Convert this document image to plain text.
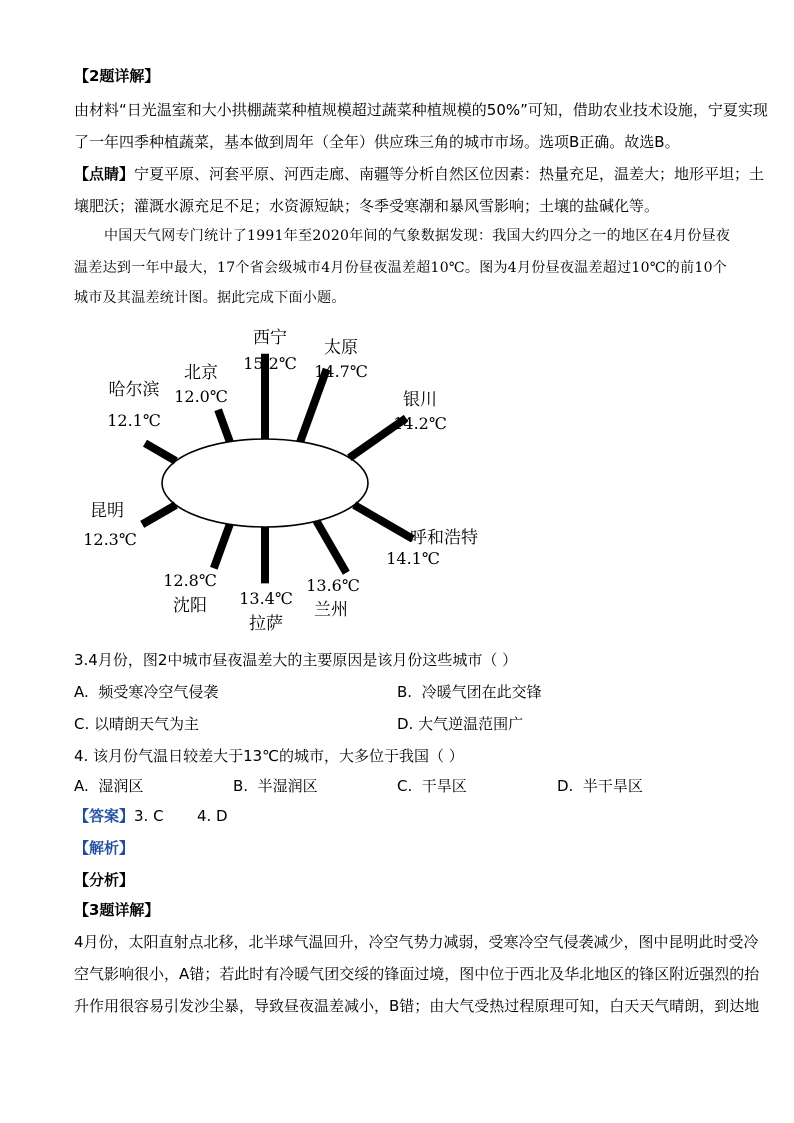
【2题详解】
由材料“日光温室和大小拱棚蔬菜种植规模超过蔬菜种植规模的50%”可知，借助农业技术设施，宁夏实现
了一年四季种植蔬菜，基本做到周年（全年）供应珠三角的城市市场。选项B正确。故选B。
【点睛】宁夏平原、河套平原、河西走廊、南疆等分析自然区位因素：热量充足，温差大；地形平坦；土
壤肥沃；灌溉水源充足不足；水资源短缺；冬季受寒潮和暴风雪影响；土壤的盐碱化等。
中国天气网专门统计了1991年至2020年间的气象数据发现：我国大约四分之一的地区在4月份昼夜
温差达到一年中最大，17个省会级城市4月份昼夜温差超10℃。图为4月份昼夜温差超过10℃的前10个
城市及其温差统计图。据此完成下面小题。
西宁
15.2℃
太原
14.7℃
银川
14.2℃
呼和浩特
14.1℃
兰州
13.6℃
拉萨
13.4℃
沈阳
12.8℃
昆明
12.3℃
哈尔滨
12.1℃
北京
12.0℃
3.4月份，图2中城市昼夜温差大的主要原因是该月份这些城市（ ）
A. 频受寒冷空气侵袭	B. 冷暖气团在此交锋
C. 以晴朗天气为主	D. 大气逆温范围广
4. 该月份气温日较差大于13℃的城市，大多位于我国（ ）
A. 湿润区	B. 半湿润区	C. 干旱区	D. 半干旱区
【答案】3. C       4. D
【解析】
【分析】
【3题详解】
4月份，太阳直射点北移，北半球气温回升，冷空气势力减弱，受寒冷空气侵袭减少，图中昆明此时受冷
空气影响很小，A错；若此时有冷暖气团交绥的锋面过境，图中位于西北及华北地区的锋区附近强烈的抬
升作用很容易引发沙尘暴，导致昼夜温差减小，B错；由大气受热过程原理可知，白天天气晴朗，到达地
